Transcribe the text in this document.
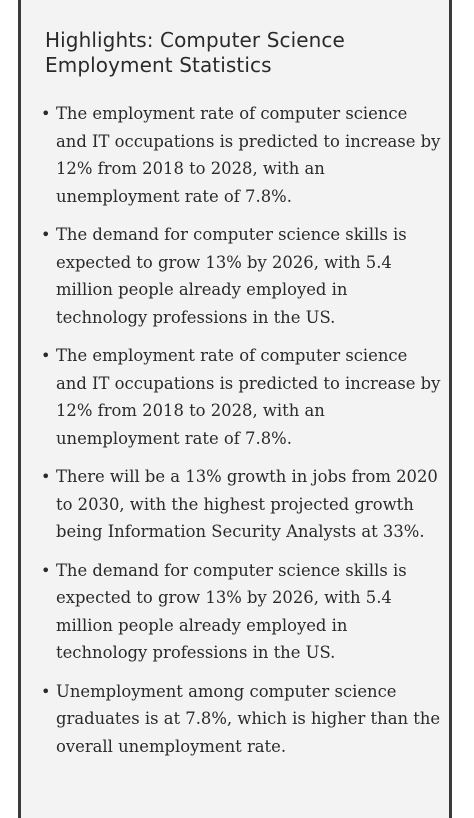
Highlights: Computer Science Employment Statistics
• The employment rate of computer science and IT occupations is predicted to increase by 12% from 2018 to 2028, with an unemployment rate of 7.8%.
• The demand for computer science skills is expected to grow 13% by 2026, with 5.4 million people already employed in technology professions in the US.
• The employment rate of computer science and IT occupations is predicted to increase by 12% from 2018 to 2028, with an unemployment rate of 7.8%.
• There will be a 13% growth in jobs from 2020 to 2030, with the highest projected growth being Information Security Analysts at 33%.
• The demand for computer science skills is expected to grow 13% by 2026, with 5.4 million people already employed in technology professions in the US.
• Unemployment among computer science graduates is at 7.8%, which is higher than the overall unemployment rate.
